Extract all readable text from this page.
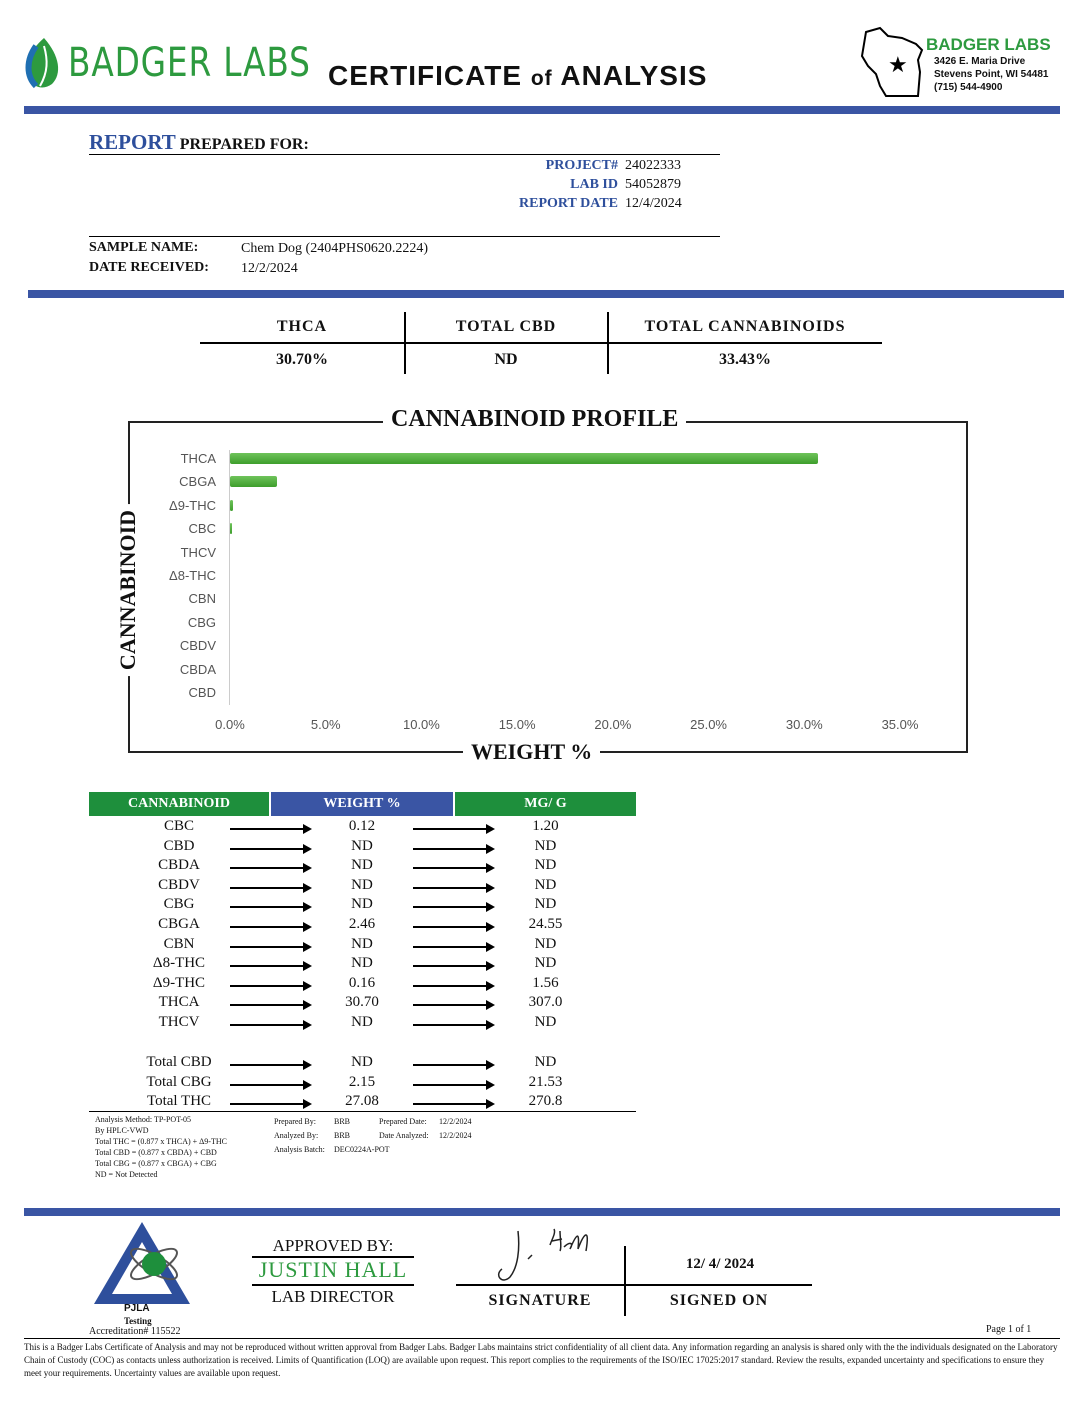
BADGER LABS CERTIFICATE of ANALYSIS	★
BADGER LABS
3426 E. Maria Drive
Stevens Point, WI 54481
(715) 544-4900
REPORT PREPARED FOR:
PROJECT# 24022333
LAB ID 54052879
REPORT DATE 12/4/2024
SAMPLE NAME:	Chem Dog (2404PHS0620.2224)
DATE RECEIVED: 12/2/2024
THCA	TOTAL CBD	TOTAL CANNABINOIDS
30.70%	ND	33.43%
CANNABINOID PROFILE
WEIGHT %
CANNABINOID
THCA
CBGA
Δ9-THC
CBC
THCV
Δ8-THC
CBN
CBG
CBDV
CBDA
CBD
0.0%	5.0%	10.0%	15.0%	20.0%	25.0%	30.0%	35.0%
CANNABINOID	WEIGHT %	MG/ G
CBC	0.12	1.20
CBD	ND	ND
CBDA	ND	ND
CBDV	ND	ND
CBG	ND	ND
CBGA	2.46	24.55
CBN	ND	ND
Δ8-THC	ND	ND
Δ9-THC	0.16	1.56
THCA	30.70	307.0
THCV	ND	ND
Total CBD	ND	ND
Total CBG	2.15	21.53
Total THC	27.08	270.8
Analysis Method: TP-POT-05
By HPLC-VWD
Total THC = (0.877 x THCA) + Δ9-THC
Total CBD = (0.877 x CBDA) + CBD
Total CBG = (0.877 x CBGA) + CBG
ND = Not Detected
Prepared By: BRB	Prepared Date: 12/2/2024
Analyzed By: BRB	Date Analyzed: 12/2/2024
Analysis Batch: DEC0224A-POT
PJLA
Testing
Accreditation# 115522
APPROVED BY:
JUSTIN HALL
LAB DIRECTOR
12/ 4/ 2024
SIGNATURE	SIGNED ON
Page 1 of 1
This is a Badger Labs Certificate of Analysis and may not be reproduced without written approval from Badger Labs. Badger Labs maintains strict confidentiality of all client data. Any information regarding an analysis is shared only with the the individuals designated on the Laboratory Chain of Custody (COC) as contacts unless authorization is received. Limits of Quantification (LOQ) are available upon request. This report complies to the requirements of the ISO/IEC 17025:2017 standard. Review the results, expanded uncertainty and specifications to ensure they meet your requirements. Uncertainty values are available upon request.
